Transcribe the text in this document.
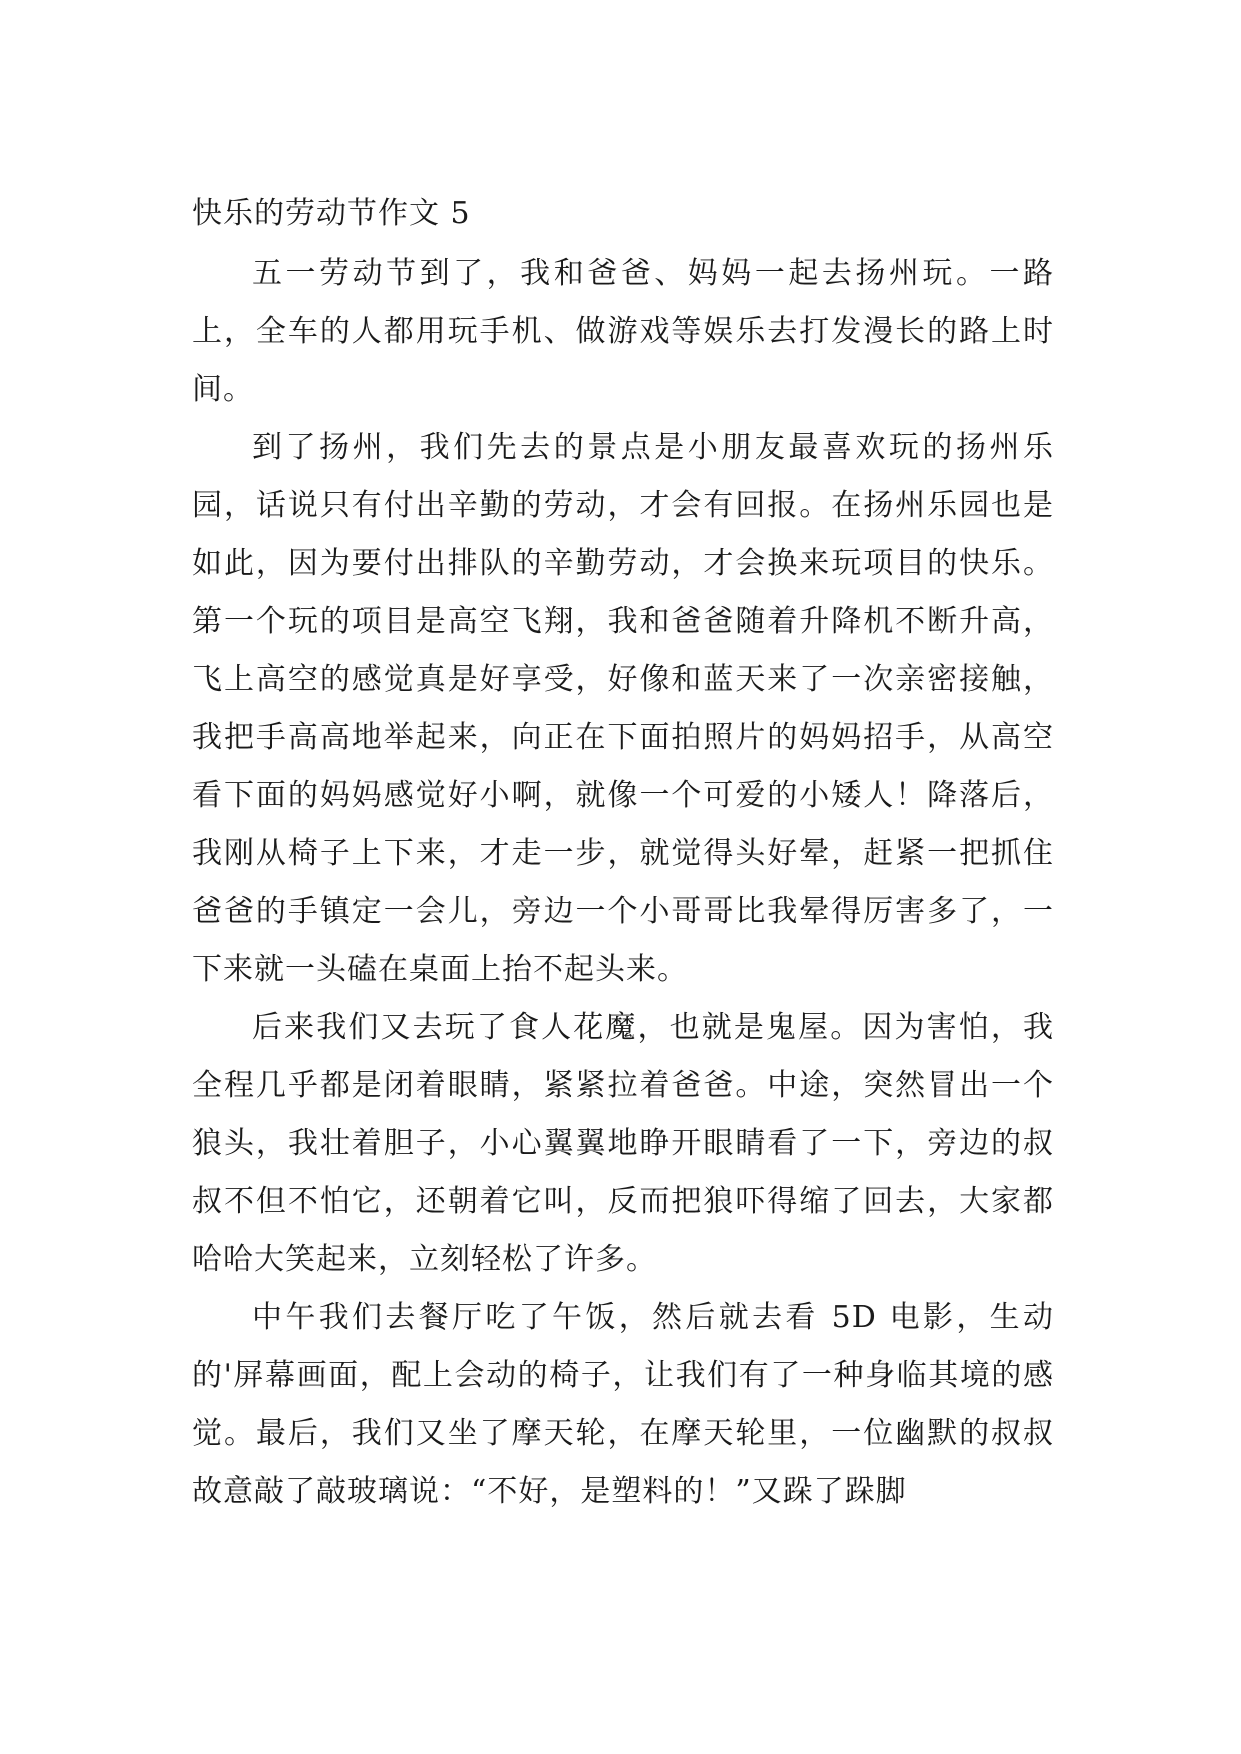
快乐的劳动节作文 5

五一劳动节到了，我和爸爸、妈妈一起去扬州玩。一路上，全车的人都用玩手机、做游戏等娱乐去打发漫长的路上时间。

到了扬州，我们先去的景点是小朋友最喜欢玩的扬州乐园，话说只有付出辛勤的劳动，才会有回报。在扬州乐园也是如此，因为要付出排队的辛勤劳动，才会换来玩项目的快乐。第一个玩的项目是高空飞翔，我和爸爸随着升降机不断升高，飞上高空的感觉真是好享受，好像和蓝天来了一次亲密接触，我把手高高地举起来，向正在下面拍照片的妈妈招手，从高空看下面的妈妈感觉好小啊，就像一个可爱的小矮人！降落后，我刚从椅子上下来，才走一步，就觉得头好晕，赶紧一把抓住爸爸的手镇定一会儿，旁边一个小哥哥比我晕得厉害多了，一下来就一头磕在桌面上抬不起头来。

后来我们又去玩了食人花魔，也就是鬼屋。因为害怕，我全程几乎都是闭着眼睛，紧紧拉着爸爸。中途，突然冒出一个狼头，我壮着胆子，小心翼翼地睁开眼睛看了一下，旁边的叔叔不但不怕它，还朝着它叫，反而把狼吓得缩了回去，大家都哈哈大笑起来，立刻轻松了许多。

中午我们去餐厅吃了午饭，然后就去看 5D 电影，生动的'屏幕画面，配上会动的椅子，让我们有了一种身临其境的感觉。最后，我们又坐了摩天轮，在摩天轮里，一位幽默的叔叔故意敲了敲玻璃说：“不好，是塑料的！”又跺了跺脚
